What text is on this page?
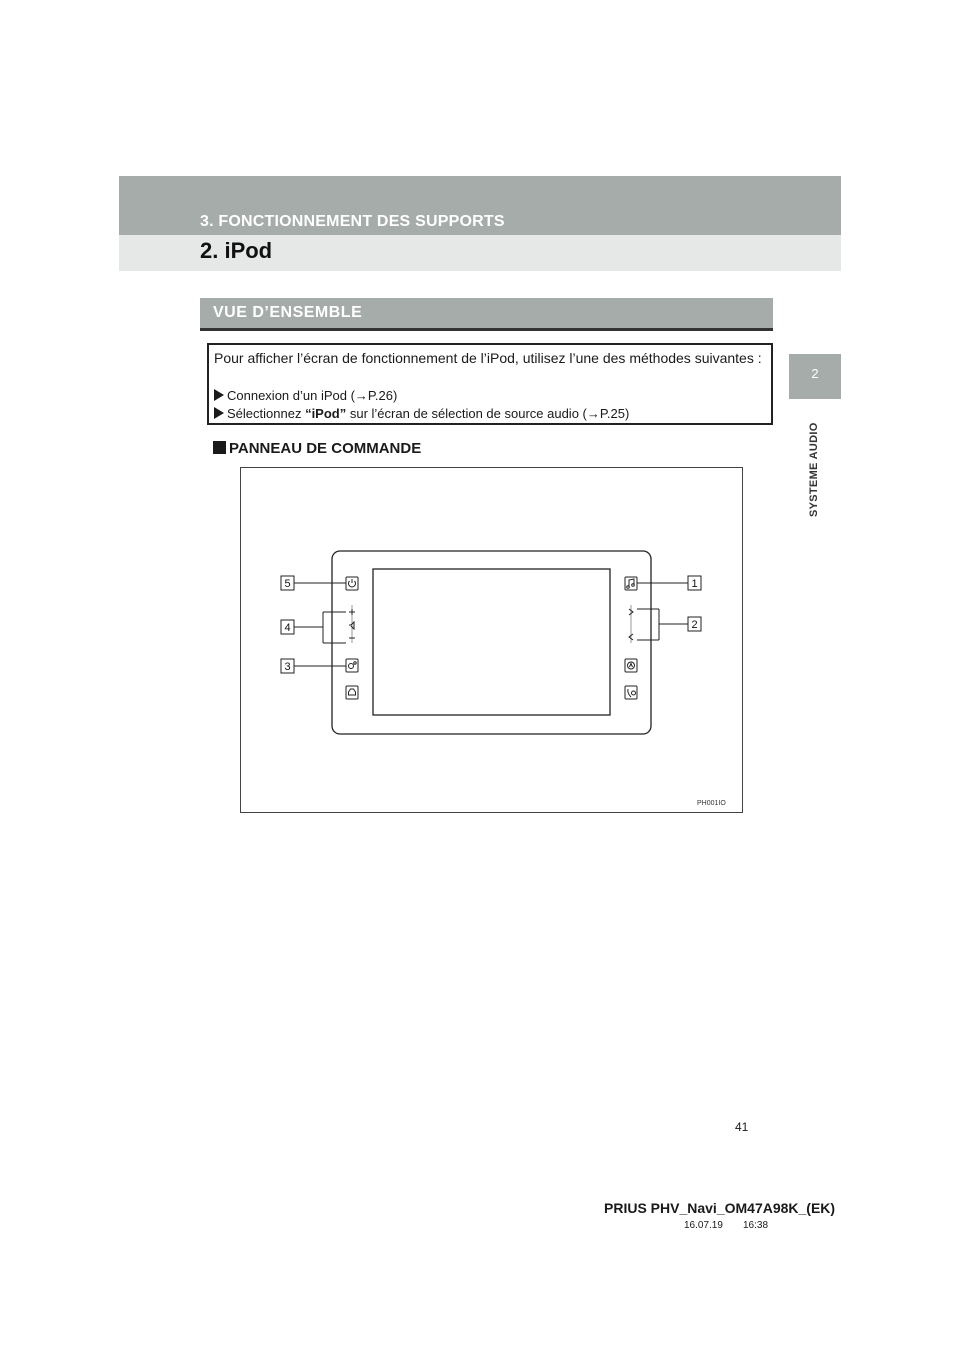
3. FONCTIONNEMENT DES SUPPORTS
2. iPod
2
SYSTEME AUDIO
VUE D’ENSEMBLE
Pour afficher l’écran de fonctionnement de l’iPod, utilisez l’une des méthodes suivantes :
Connexion d’un iPod (→P.26)
Sélectionnez “iPod” sur l’écran de sélection de source audio (→P.25)
PANNEAU DE COMMANDE
1
2
3
4
5
PH001IO
41
PRIUS PHV_Navi_OM47A98K_(EK)
16.07.19 16:38
